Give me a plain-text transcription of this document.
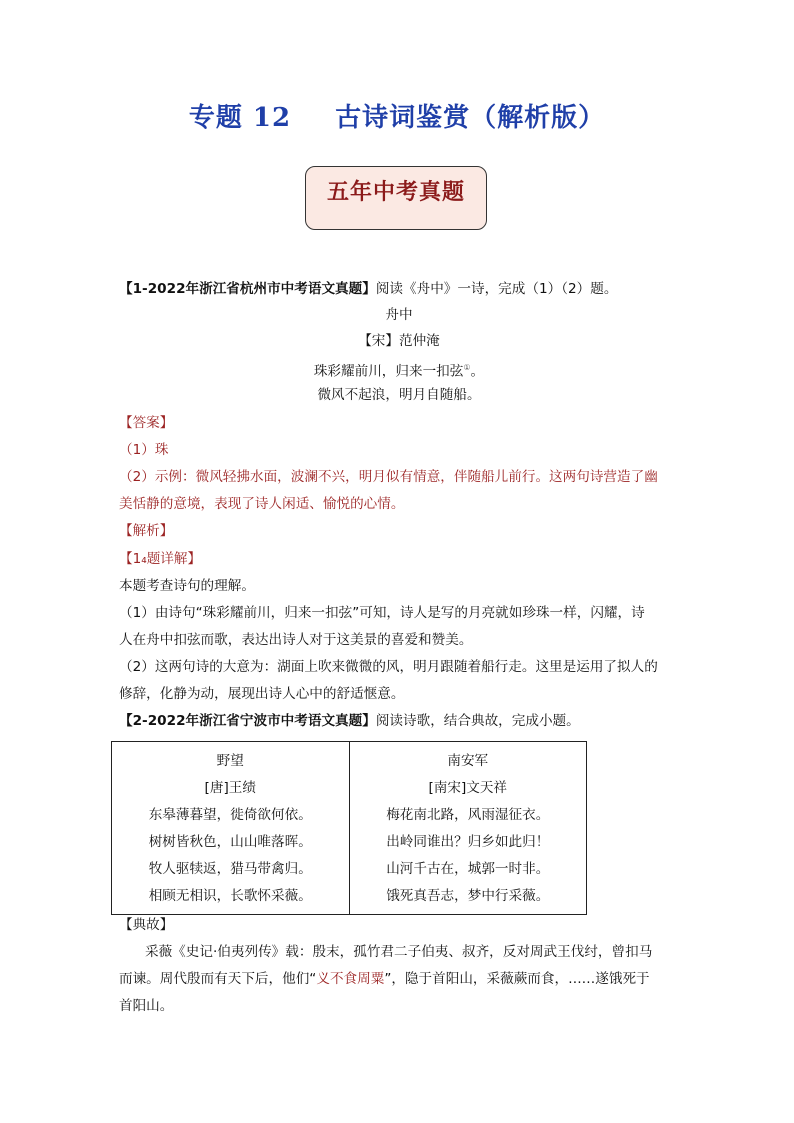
专题 12 古诗词鉴赏（解析版）
五年中考真题
【1-2022年浙江省杭州市中考语文真题】阅读《舟中》一诗，完成（1）（2）题。
舟中
【宋】范仲淹
珠彩耀前川，归来一扣弦①。
微风不起浪，明月自随船。
【答案】
（1）珠
（2）示例：微风轻拂水面，波澜不兴，明月似有情意，伴随船儿前行。这两句诗营造了幽
美恬静的意境，表现了诗人闲适、愉悦的心情。
【解析】
【1₄题详解】
本题考查诗句的理解。
（1）由诗句“珠彩耀前川，归来一扣弦”可知，诗人是写的月亮就如珍珠一样，闪耀，诗
人在舟中扣弦而歌，表达出诗人对于这美景的喜爱和赞美。
（2）这两句诗的大意为：湖面上吹来微微的风，明月跟随着船行走。这里是运用了拟人的
修辞，化静为动，展现出诗人心中的舒适惬意。
【2-2022年浙江省宁波市中考语文真题】阅读诗歌，结合典故，完成小题。
野望
[唐]王绩
东皋薄暮望，徙倚欲何依。
树树皆秋色，山山唯落晖。
牧人驱犊返，猎马带禽归。
相顾无相识，长歌怀采薇。
南安军
[南宋]文天祥
梅花南北路，风雨湿征衣。
出岭同谁出？归乡如此归！
山河千古在，城郭一时非。
饿死真吾志，梦中行采薇。
【典故】
采薇《史记·伯夷列传》载：殷末，孤竹君二子伯夷、叔齐，反对周武王伐纣，曾扣马
而谏。周代殷而有天下后，他们“义不食周粟”，隐于首阳山，采薇蕨而食，……遂饿死于
首阳山。
